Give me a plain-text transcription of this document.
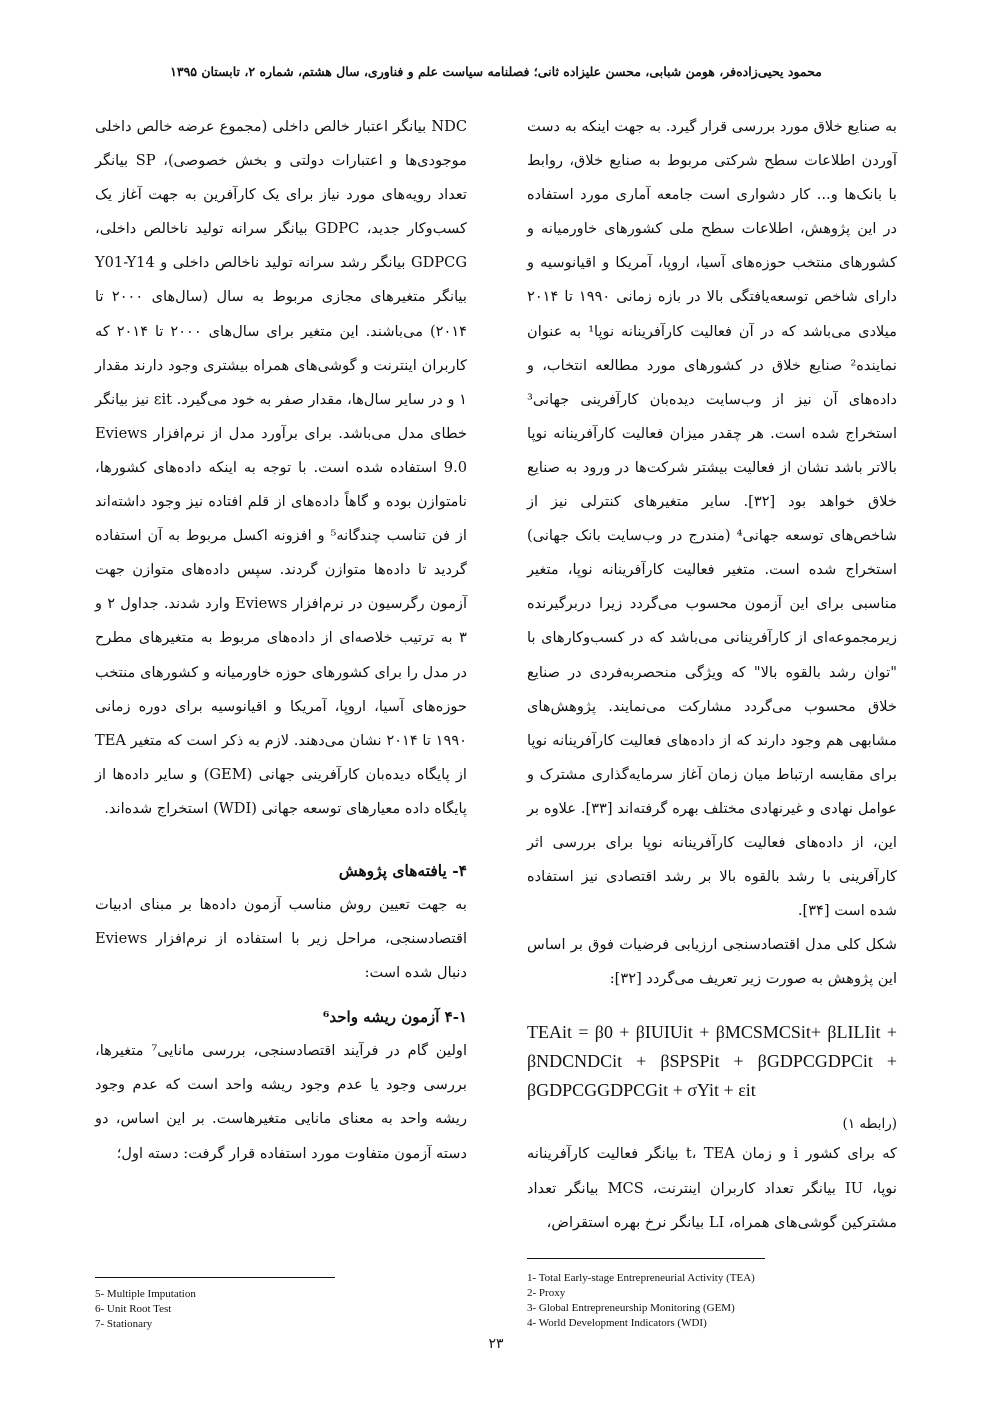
محمود یحیی‌زاده‌فر، هومن شبابی، محسن علیزاده ثانی؛ فصلنامه سیاست علم و فناوری، سال هشتم، شماره ۲، تابستان ۱۳۹۵

به صنایع خلاق مورد بررسی قرار گیرد. به جهت اینکه به دست آوردن اطلاعات سطح شرکتی مربوط به صنایع خلاق، روابط با بانک‌ها و... کار دشواری است جامعه آماری مورد استفاده در این پژوهش، اطلاعات سطح ملی کشورهای خاورمیانه و کشورهای منتخب حوزه‌های آسیا، اروپا، آمریکا و اقیانوسیه و دارای شاخص توسعه‌یافتگی بالا در بازه زمانی ۱۹۹۰ تا ۲۰۱۴ میلادی می‌باشد که در آن فعالیت کارآفرینانه نوپا¹ به عنوان نماینده² صنایع خلاق در کشورهای مورد مطالعه انتخاب، و داده‌های آن نیز از وب‌سایت دیده‌بان کارآفرینی جهانی³ استخراج شده است. هر چقدر میزان فعالیت کارآفرینانه نوپا بالاتر باشد نشان از فعالیت بیشتر شرکت‌ها در ورود به صنایع خلاق خواهد بود [۳۲]. سایر متغیرهای کنترلی نیز از شاخص‌های توسعه جهانی⁴ (مندرج در وب‌سایت بانک جهانی) استخراج شده است. متغیر فعالیت کارآفرینانه نوپا، متغیر مناسبی برای این آزمون محسوب می‌گردد زیرا دربرگیرنده زیرمجموعه‌ای از کارآفرینانی می‌باشد که در کسب‌وکارهای با "توان رشد بالقوه بالا" که ویژگی منحصربه‌فردی در صنایع خلاق محسوب می‌گردد مشارکت می‌نمایند. پژوهش‌های مشابهی هم وجود دارند که از داده‌های فعالیت کارآفرینانه نوپا برای مقایسه ارتباط میان زمان آغاز سرمایه‌گذاری مشترک و عوامل نهادی و غیرنهادی مختلف بهره گرفته‌اند [۳۳]. علاوه بر این، از داده‌های فعالیت کارآفرینانه نوپا برای بررسی اثر کارآفرینی با رشد بالقوه بالا بر رشد اقتصادی نیز استفاده شده است [۳۴].

شکل کلی مدل اقتصادسنجی ارزیابی فرضیات فوق بر اساس این پژوهش به صورت زیر تعریف می‌گردد [۳۲]:

TEAit = β0 + βIUIUit + βMCSMCSit+ βLILIit + βNDCNDCit + βSPSPit + βGDPCGDPCit + βGDPCGGDPCGit + σYit + εit
(رابطه ۱)

که برای کشور i و زمان t، TEA بیانگر فعالیت کارآفرینانه نوپا، IU بیانگر تعداد کاربران اینترنت، MCS بیانگر تعداد مشترکین گوشی‌های همراه، LI بیانگر نرخ بهره استقراض،

NDC بیانگر اعتبار خالص داخلی (مجموع عرضه خالص داخلی موجودی‌ها و اعتبارات دولتی و بخش خصوصی)، SP بیانگر تعداد رویه‌های مورد نیاز برای یک کارآفرین به جهت آغاز یک کسب‌وکار جدید، GDPC بیانگر سرانه تولید ناخالص داخلی، GDPCG بیانگر رشد سرانه تولید ناخالص داخلی و Y01-Y14 بیانگر متغیرهای مجازی مربوط به سال (سال‌های ۲۰۰۰ تا ۲۰۱۴) می‌باشند. این متغیر برای سال‌های ۲۰۰۰ تا ۲۰۱۴ که کاربران اینترنت و گوشی‌های همراه بیشتری وجود دارند مقدار ۱ و در سایر سال‌ها، مقدار صفر به خود می‌گیرد. εit نیز بیانگر خطای مدل می‌باشد. برای برآورد مدل از نرم‌افزار Eviews 9.0 استفاده شده است. با توجه به اینکه داده‌های کشورها، نامتوازن بوده و گاهاً داده‌های از قلم افتاده نیز وجود داشته‌اند از فن تناسب چندگانه⁵ و افزونه اکسل مربوط به آن استفاده گردید تا داده‌ها متوازن گردند. سپس داده‌های متوازن جهت آزمون رگرسیون در نرم‌افزار Eviews وارد شدند. جداول ۲ و ۳ به ترتیب خلاصه‌ای از داده‌های مربوط به متغیرهای مطرح در مدل را برای کشورهای حوزه خاورمیانه و کشورهای منتخب حوزه‌های آسیا، اروپا، آمریکا و اقیانوسیه برای دوره زمانی ۱۹۹۰ تا ۲۰۱۴ نشان می‌دهند. لازم به ذکر است که متغیر TEA از پایگاه دیده‌بان کارآفرینی جهانی (GEM) و سایر داده‌ها از پایگاه داده معیارهای توسعه جهانی (WDI) استخراج شده‌اند.

۴- یافته‌های پژوهش

به جهت تعیین روش مناسب آزمون داده‌ها بر مبنای ادبیات اقتصادسنجی، مراحل زیر با استفاده از نرم‌افزار Eviews دنبال شده است:

۴-۱ آزمون ریشه واحد⁶

اولین گام در فرآیند اقتصادسنجی، بررسی مانایی⁷ متغیرها، بررسی وجود یا عدم وجود ریشه واحد است که عدم وجود ریشه واحد به معنای مانایی متغیرهاست. بر این اساس، دو دسته آزمون متفاوت مورد استفاده قرار گرفت: دسته اول؛

1- Total Early-stage Entrepreneurial Activity (TEA)
2- Proxy
3- Global Entrepreneurship Monitoring (GEM)
4- World Development Indicators (WDI)
5- Multiple Imputation
6- Unit Root Test
7- Stationary
۲۳
